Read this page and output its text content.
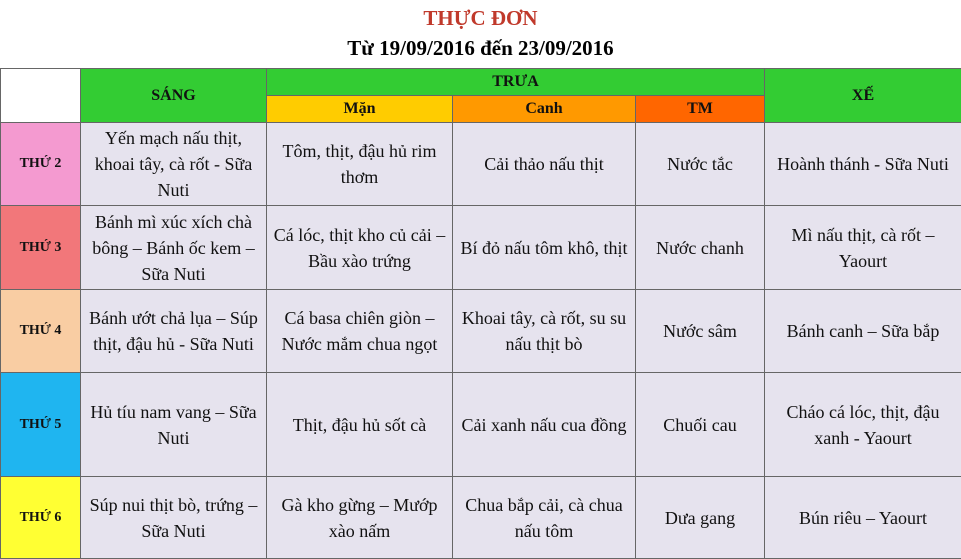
THỰC ĐƠN
Từ 19/09/2016 đến 23/09/2016
	SÁNG	TRƯA			XẾ
		Mặn	Canh	TM	
THỨ 2	Yến mạch nấu thịt, khoai tây, cà rốt - Sữa Nuti	Tôm, thịt, đậu hủ rim thơm	Cải thảo nấu thịt	Nước tắc	Hoành thánh - Sữa Nuti
THỨ 3	Bánh mì xúc xích chà bông – Bánh ốc kem – Sữa Nuti	Cá lóc, thịt kho củ cải – Bầu xào trứng	Bí đỏ nấu tôm khô, thịt	Nước chanh	Mì nấu thịt, cà rốt – Yaourt
THỨ 4	Bánh ướt chả lụa – Súp thịt, đậu hủ - Sữa Nuti	Cá basa chiên giòn –Nước mắm chua ngọt	Khoai tây, cà rốt, su su nấu thịt bò	Nước sâm	Bánh canh – Sữa bắp
THỨ 5	Hủ tíu nam vang – Sữa Nuti	Thịt, đậu hủ sốt cà	Cải xanh nấu cua đồng	Chuối cau	Cháo cá lóc, thịt, đậu xanh - Yaourt
THỨ 6	Súp nui thịt bò, trứng – Sữa Nuti	Gà kho gừng – Mướp xào nấm	Chua bắp cải, cà chua nấu tôm	Dưa gang	Bún riêu – Yaourt
